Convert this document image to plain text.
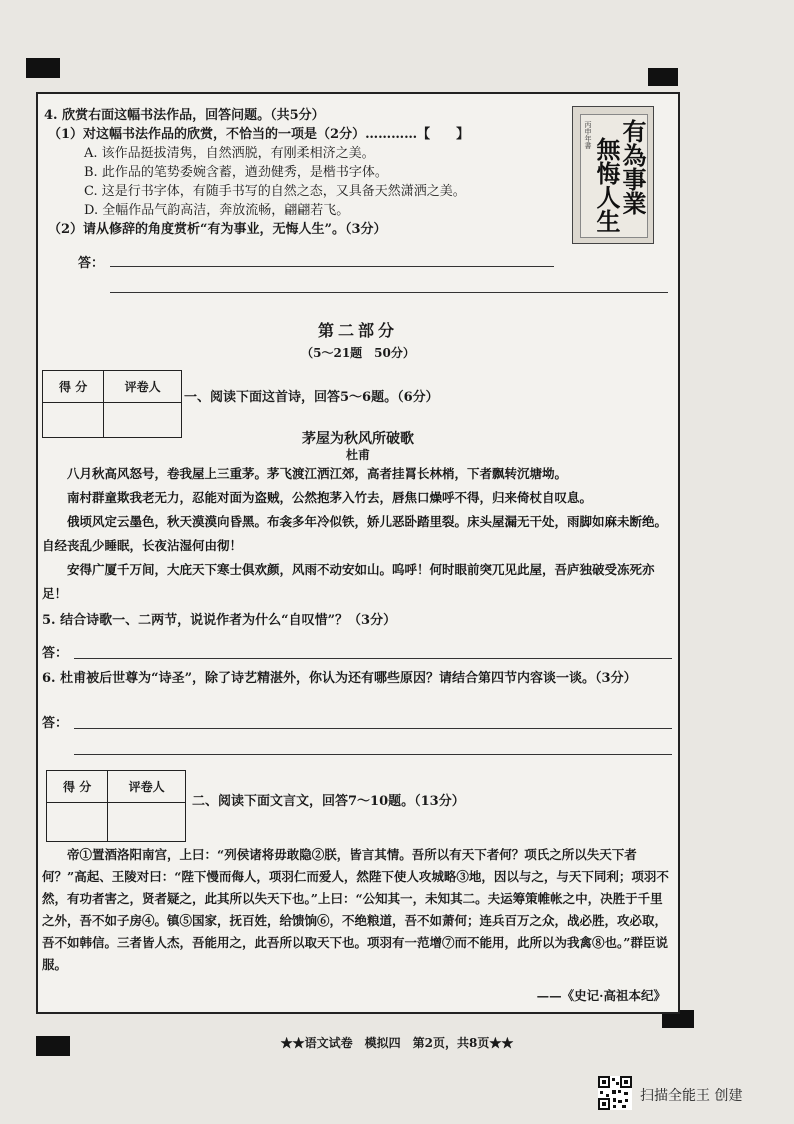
4. 欣赏右面这幅书法作品，回答问题。（共5分）
（1）对这幅书法作品的欣赏，不恰当的一项是（2分）…………【　　】
A. 该作品挺拔清隽，自然洒脱，有刚柔相济之美。
B. 此作品的笔势委婉含蓄，遒劲健秀，是楷书字体。
C. 这是行书字体，有随手书写的自然之态，又具备天然潇洒之美。
D. 全幅作品气韵高洁，奔放流畅，翩翩若飞。
（2）请从修辞的角度赏析“有为事业，无悔人生”。（3分）
答：
丙申年書 有為事業
無悔人生
第二部分
（5～21题　50分）
得 分	评卷人

一、阅读下面这首诗，回答5～6题。（6分）
茅屋为秋风所破歌
杜甫

八月秋高风怒号，卷我屋上三重茅。茅飞渡江洒江郊，高者挂罥长林梢，下者飘转沉塘坳。

南村群童欺我老无力，忍能对面为盗贼，公然抱茅入竹去，唇焦口燥呼不得，归来倚杖自叹息。

俄顷风定云墨色，秋天漠漠向昏黑。布衾多年冷似铁，娇儿恶卧踏里裂。床头屋漏无干处，雨脚如麻未断绝。自经丧乱少睡眠，长夜沾湿何由彻！

安得广厦千万间，大庇天下寒士俱欢颜，风雨不动安如山。呜呼！何时眼前突兀见此屋，吾庐独破受冻死亦足！

5. 结合诗歌一、二两节，说说作者为什么“自叹惜”？（3分）
答：
6. 杜甫被后世尊为“诗圣”，除了诗艺精湛外，你认为还有哪些原因？请结合第四节内容谈一谈。（3分）
答：
得 分	评卷人

二、阅读下面文言文，回答7～10题。（13分）
帝①置酒洛阳南宫，上曰：“列侯诸将毋敢隐②朕，皆言其情。吾所以有天下者何？项氏之所以失天下者何？”高起、王陵对曰：“陛下慢而侮人，项羽仁而爱人，然陛下使人攻城略③地，因以与之，与天下同利；项羽不然，有功者害之，贤者疑之，此其所以失天下也。”上曰：“公知其一，未知其二。夫运筹策帷帐之中，决胜于千里之外，吾不如子房④。镇⑤国家，抚百姓，给馈饷⑥，不绝粮道，吾不如萧何；连兵百万之众，战必胜，攻必取，吾不如韩信。三者皆人杰，吾能用之，此吾所以取天下也。项羽有一范增⑦而不能用，此所以为我禽⑧也。”群臣说服。
——《史记·高祖本纪》
★★语文试卷　模拟四　第2页，共8页★★
扫描全能王 创建
